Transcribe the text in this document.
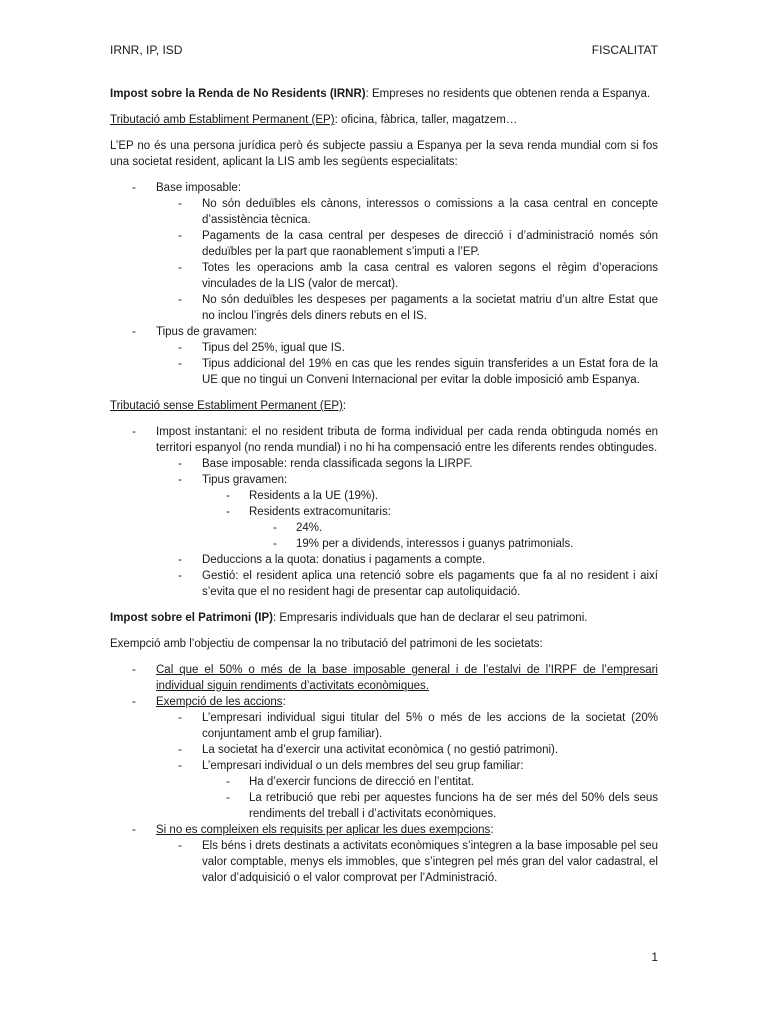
IRNR, IP, ISD	FISCALITAT

Impost sobre la Renda de No Residents (IRNR): Empreses no residents que obtenen renda a Espanya.

Tributació amb Establiment Permanent (EP): oficina, fàbrica, taller, magatzem…

L’EP no és una persona jurídica però és subjecte passiu a Espanya per la seva renda mundial com si fos una societat resident, aplicant la LIS amb les següents especialitats:

- Base imposable:
- No són deduïbles els cànons, interessos o comissions a la casa central en concepte d’assistència tècnica.
- Pagaments de la casa central per despeses de direcció i d’administració només són deduïbles per la part que raonablement s’imputi a l’EP.
- Totes les operacions amb la casa central es valoren segons el règim d’operacions vinculades de la LIS (valor de mercat).
- No són deduïbles les despeses per pagaments a la societat matriu d’un altre Estat que no inclou l’ingrés dels diners rebuts en el IS.
- Tipus de gravamen:
- Tipus del 25%, igual que IS.
- Tipus addicional del 19% en cas que les rendes siguin transferides a un Estat fora de la UE que no tingui un Conveni Internacional per evitar la doble imposició amb Espanya.

Tributació sense Establiment Permanent (EP):

- Impost instantani: el no resident tributa de forma individual per cada renda obtinguda només en territori espanyol (no renda mundial) i no hi ha compensació entre les diferents rendes obtingudes.
- Base imposable: renda classificada segons la LIRPF.
- Tipus gravamen:
- Residents a la UE (19%).
- Residents extracomunitaris:
- 24%.
- 19% per a dividends, interessos i guanys patrimonials.
- Deduccions a la quota: donatius i pagaments a compte.
- Gestió: el resident aplica una retenció sobre els pagaments que fa al no resident i així s’evita que el no resident hagi de presentar cap autoliquidació.

Impost sobre el Patrimoni (IP): Empresaris individuals que han de declarar el seu patrimoni.

Exempció amb l’objectiu de compensar la no tributació del patrimoni de les societats:

- Cal que el 50% o més de la base imposable general i de l’estalvi de l’IRPF de l’empresari individual siguin rendiments d’activitats econòmiques.
- Exempció de les accions:
- L’empresari individual sigui titular del 5% o més de les accions de la societat (20% conjuntament amb el grup familiar).
- La societat ha d’exercir una activitat econòmica ( no gestió patrimoni).
- L’empresari individual o un dels membres del seu grup familiar:
- Ha d’exercir funcions de direcció en l’entitat.
- La retribució que rebi per aquestes funcions ha de ser més del 50% dels seus rendiments del treball i d’activitats econòmiques.
- Si no es compleixen els requisits per aplicar les dues exempcions:
- Els béns i drets destinats a activitats econòmiques s’integren a la base imposable pel seu valor comptable, menys els immobles, que s’integren pel més gran del valor cadastral, el valor d’adquisició o el valor comprovat per l’Administració.
1
